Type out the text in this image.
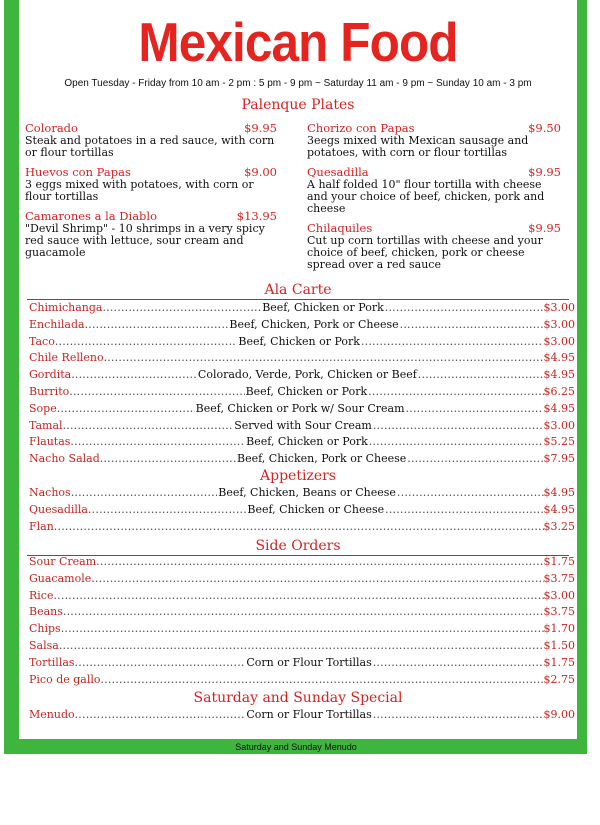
Mexican Food
Open Tuesday - Friday from 10 am - 2 pm : 5 pm - 9 pm ~ Saturday 11 am - 9 pm ~ Sunday 10 am - 3 pm
Palenque Plates
Colorado	$9.95
Steak and potatoes in a red sauce, with corn or flour tortillas
Huevos con Papas	$9.00
3 eggs mixed with potatoes, with corn or flour tortillas
Camarones a la Diablo	$13.95
"Devil Shrimp" - 10 shrimps in a very spicy red sauce with lettuce, sour cream and guacamole
Chorizo con Papas	$9.50
3eegs mixed with Mexican sausage and potatoes, with corn or flour tortillas
Quesadilla	$9.95
A half folded 10" flour tortilla with cheese and your choice of beef, chicken, pork and cheese
Chilaquiles	$9.95
Cut up corn tortillas with cheese and your choice of beef, chicken, pork or cheese spread over a red sauce
Ala Carte
Chimichanga .....	Beef, Chicken or Pork .....	$3.00
Enchilada .....	Beef, Chicken, Pork or Cheese .....	$3.00
Taco .....	Beef, Chicken or Pork .....	$3.00
Chile Relleno .....	$4.95
Gordita .....	Colorado, Verde, Pork, Chicken or Beef .....	$4.95
Burrito .....	Beef, Chicken or Pork .....	$6.25
Sope .....	Beef, Chicken or Pork w/ Sour Cream .....	$4.95
Tamal .....	Served with Sour Cream .....	$3.00
Flautas .....	Beef, Chicken or Pork .....	$5.25
Nacho Salad .....	Beef, Chicken, Pork or Cheese .....	$7.95
Appetizers
Nachos .....	Beef, Chicken, Beans or Cheese .....	$4.95
Quesadilla .....	Beef, Chicken or Cheese .....	$4.95
Flan .....	$3.25
Side Orders
Sour Cream .....	$1.75
Guacamole .....	$3.75
Rice .....	$3.00
Beans .....	$3.75
Chips .....	$1.70
Salsa .....	$1.50
Tortillas .....	Corn or Flour Tortillas .....	$1.75
Pico de gallo .....	$2.75
Saturday and Sunday Special
Menudo .....	Corn or Flour Tortillas .....	$9.00
Saturday and Sunday Menudo
